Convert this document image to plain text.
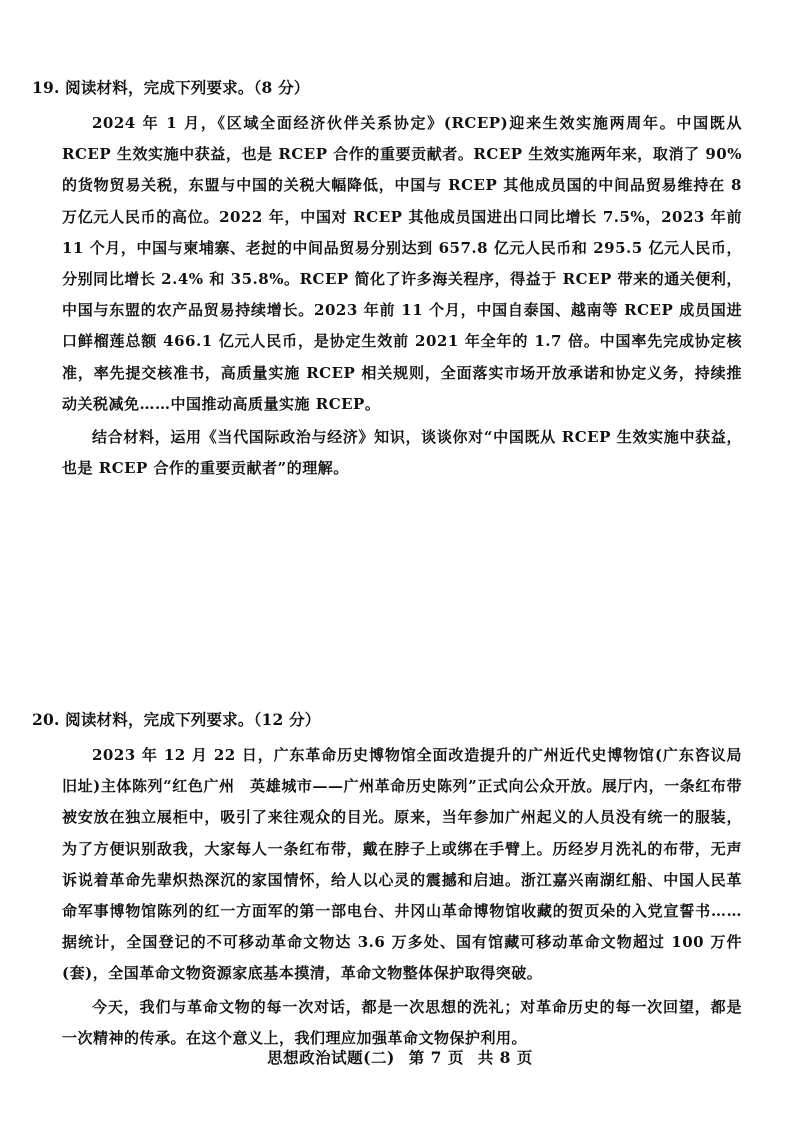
19. 阅读材料，完成下列要求。（8 分）

2024 年 1 月，《区域全面经济伙伴关系协定》(RCEP)迎来生效实施两周年。中国既从 RCEP 生效实施中获益，也是 RCEP 合作的重要贡献者。RCEP 生效实施两年来，取消了 90% 的货物贸易关税，东盟与中国的关税大幅降低，中国与 RCEP 其他成员国的中间品贸易维持在 8 万亿元人民币的高位。2022 年，中国对 RCEP 其他成员国进出口同比增长 7.5%，2023 年前 11 个月，中国与柬埔寨、老挝的中间品贸易分别达到 657.8 亿元人民币和 295.5 亿元人民币，分别同比增长 2.4% 和 35.8%。RCEP 简化了许多海关程序，得益于 RCEP 带来的通关便利，中国与东盟的农产品贸易持续增长。2023 年前 11 个月，中国自泰国、越南等 RCEP 成员国进口鲜榴莲总额 466.1 亿元人民币，是协定生效前 2021 年全年的 1.7 倍。中国率先完成协定核准，率先提交核准书，高质量实施 RCEP 相关规则，全面落实市场开放承诺和协定义务，持续推动关税减免……中国推动高质量实施 RCEP。

结合材料，运用《当代国际政治与经济》知识，谈谈你对“中国既从 RCEP 生效实施中获益，也是 RCEP 合作的重要贡献者”的理解。

20. 阅读材料，完成下列要求。（12 分）

2023 年 12 月 22 日，广东革命历史博物馆全面改造提升的广州近代史博物馆(广东咨议局旧址)主体陈列“红色广州　英雄城市——广州革命历史陈列”正式向公众开放。展厅内，一条红布带被安放在独立展柜中，吸引了来往观众的目光。原来，当年参加广州起义的人员没有统一的服装，为了方便识别敌我，大家每人一条红布带，戴在脖子上或绑在手臂上。历经岁月洗礼的布带，无声诉说着革命先辈炽热深沉的家国情怀，给人以心灵的震撼和启迪。浙江嘉兴南湖红船、中国人民革命军事博物馆陈列的红一方面军的第一部电台、井冈山革命博物馆收藏的贺页朵的入党宣誓书……据统计，全国登记的不可移动革命文物达 3.6 万多处、国有馆藏可移动革命文物超过 100 万件(套)，全国革命文物资源家底基本摸清，革命文物整体保护取得突破。

今天，我们与革命文物的每一次对话，都是一次思想的洗礼；对革命历史的每一次回望，都是一次精神的传承。在这个意义上，我们理应加强革命文物保护利用。

思想政治试题(二) 第 7 页 共 8 页
